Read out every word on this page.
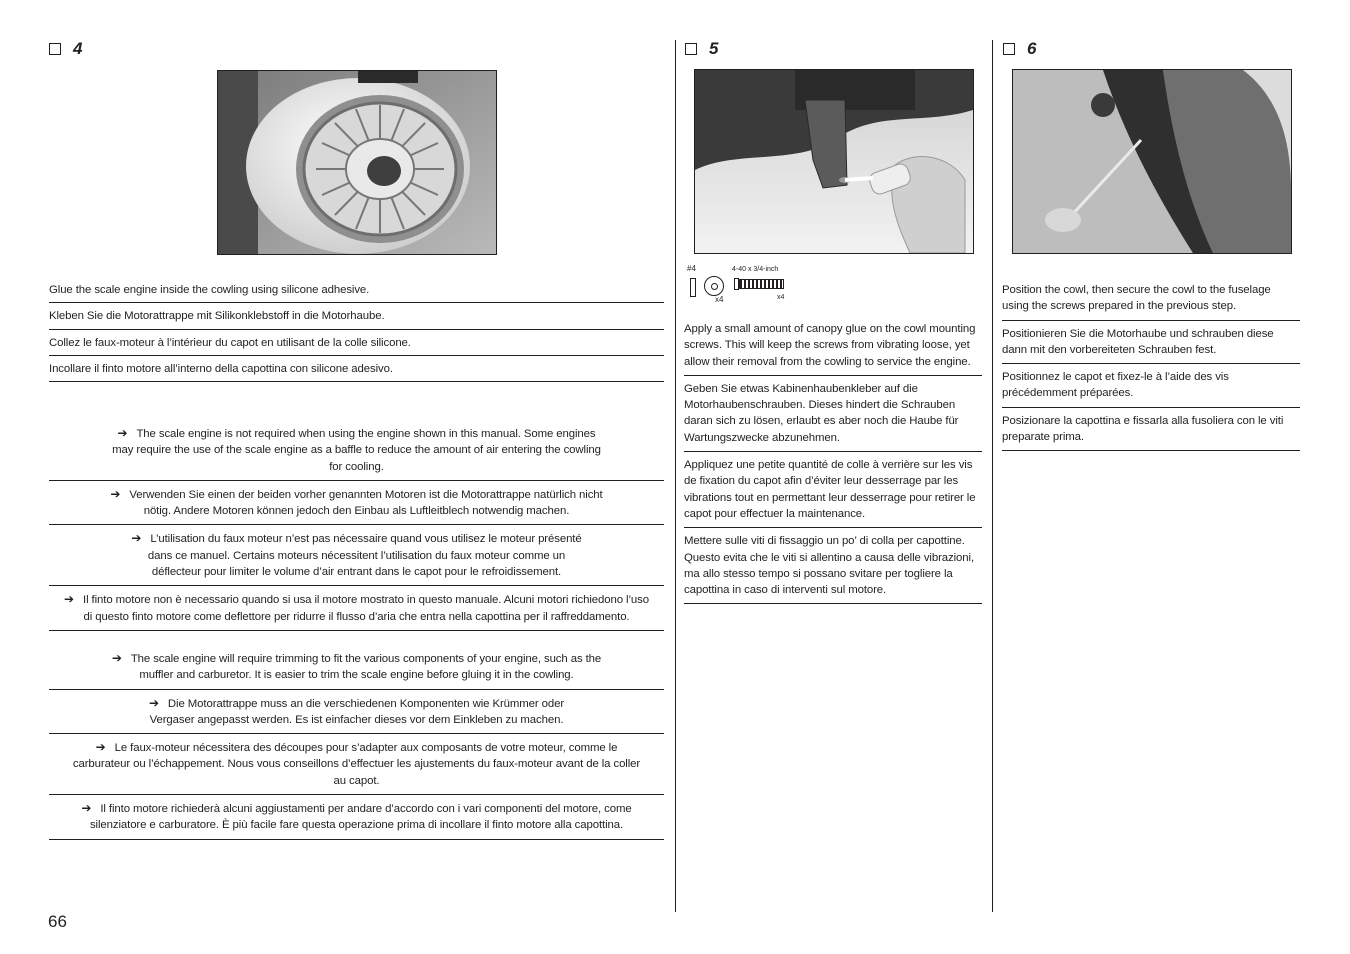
4
Glue the scale engine inside the cowling using silicone adhesive.
Kleben Sie die Motorattrappe mit Silikonklebstoff in die Motorhaube.
Collez le faux-moteur à l’intérieur du capot en utilisant de la colle silicone.
Incollare il finto motore all’interno della capottina con silicone adesivo.
➔ The scale engine is not required when using the engine shown in this manual. Some engines may require the use of the scale engine as a baffle to reduce the amount of air entering the cowling for cooling.
➔ Verwenden Sie einen der beiden vorher genannten Motoren ist die Motorattrappe natürlich nicht nötig. Andere Motoren können jedoch den Einbau als Luftleitblech notwendig machen.
➔ L’utilisation du faux moteur n’est pas nécessaire quand vous utilisez le moteur présenté dans ce manuel. Certains moteurs nécessitent l’utilisation du faux moteur comme un déflecteur pour limiter le volume d’air entrant dans le capot pour le refroidissement.
➔ Il finto motore non è necessario quando si usa il motore mostrato in questo manuale. Alcuni motori richiedono l’uso di questo finto motore come deflettore per ridurre il flusso d’aria che entra nella capottina per il raffreddamento.
➔ The scale engine will require trimming to fit the various components of your engine, such as the muffler and carburetor. It is easier to trim the scale engine before gluing it in the cowling.
➔ Die Motorattrappe muss an die verschiedenen Komponenten wie Krümmer oder Vergaser angepasst werden. Es ist einfacher dieses vor dem Einkleben zu machen.
➔ Le faux-moteur nécessitera des découpes pour s’adapter aux composants de votre moteur, comme le carburateur ou l’échappement. Nous vous conseillons d’effectuer les ajustements du faux-moteur avant de la coller au capot.
➔ Il finto motore richiederà alcuni aggiustamenti per andare d’accordo con i vari componenti del motore, come silenziatore e carburatore. È più facile fare questa operazione prima di incollare il finto motore alla capottina.
5
#4
x4
4-40 x 3/4-inch
x4
Apply a small amount of canopy glue on the cowl mounting screws. This will keep the screws from vibrating loose, yet allow their removal from the cowling to service the engine.
Geben Sie etwas Kabinenhaubenkleber auf die Motorhaubenschrauben. Dieses hindert die Schrauben daran sich zu lösen, erlaubt es aber noch die Haube für Wartungszwecke abzunehmen.
Appliquez une petite quantité de colle à verrière sur les vis de fixation du capot afin d’éviter leur desserrage par les vibrations tout en permettant leur desserrage pour retirer le capot pour effectuer la maintenance.
Mettere sulle viti di fissaggio un po’ di colla per capottine. Questo evita che le viti si allentino a causa delle vibrazioni, ma allo stesso tempo si possano svitare per togliere la capottina in caso di interventi sul motore.
6
Position the cowl, then secure the cowl to the fuselage using the screws prepared in the previous step.
Positionieren Sie die Motorhaube und schrauben diese dann mit den vorbereiteten Schrauben fest.
Positionnez le capot et fixez-le à l’aide des vis précédemment préparées.
Posizionare la capottina e fissarla alla fusoliera con le viti preparate prima.
66
